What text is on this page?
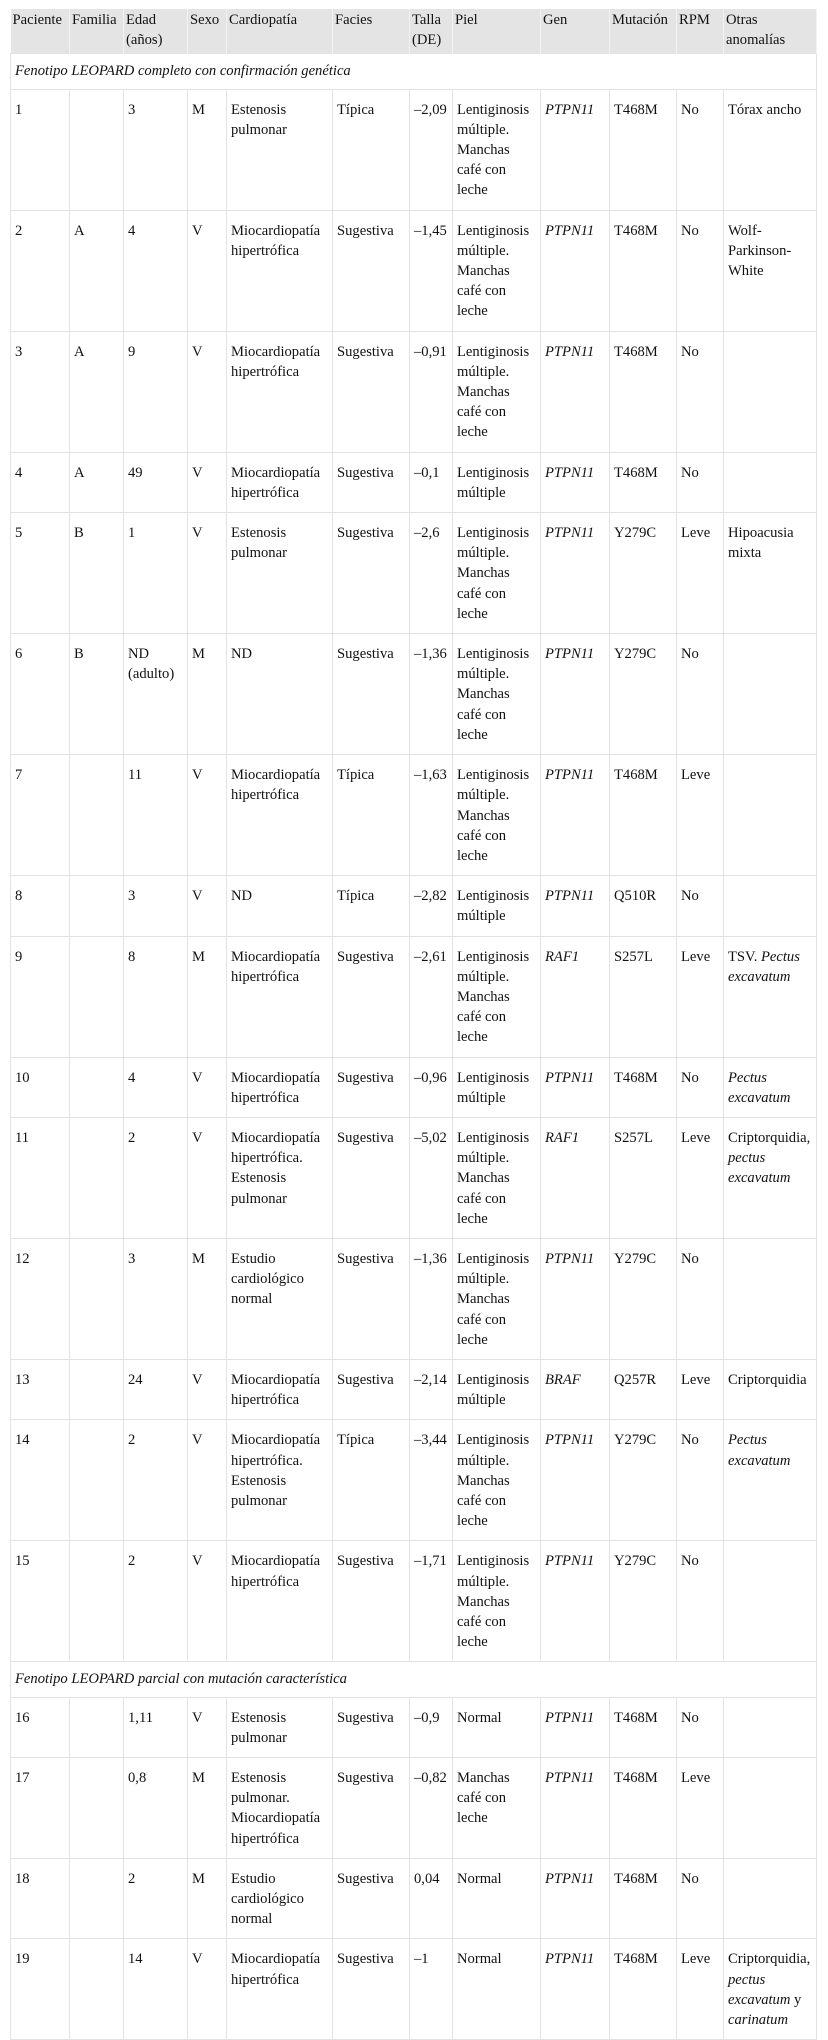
Paciente	Familia	Edad (años)	Sexo	Cardiopatía	Facies	Talla (DE)	Piel	Gen	Mutación	RPM	Otras anomalías
Fenotipo LEOPARD completo con confirmación genética											
1		3	M	Estenosis pulmonar	Típica	–2,09	Lentiginosis múltiple. Manchas café con leche	PTPN11	T468M	No	Tórax ancho
2	A	4	V	Miocardiopatía hipertrófica	Sugestiva	–1,45	Lentiginosis múltiple. Manchas café con leche	PTPN11	T468M	No	Wolf-Parkinson-White
3	A	9	V	Miocardiopatía hipertrófica	Sugestiva	–0,91	Lentiginosis múltiple. Manchas café con leche	PTPN11	T468M	No	
4	A	49	V	Miocardiopatía hipertrófica	Sugestiva	–0,1	Lentiginosis múltiple	PTPN11	T468M	No	
5	B	1	V	Estenosis pulmonar	Sugestiva	–2,6	Lentiginosis múltiple. Manchas café con leche	PTPN11	Y279C	Leve	Hipoacusia mixta
6	B	ND (adulto)	M	ND	Sugestiva	–1,36	Lentiginosis múltiple. Manchas café con leche	PTPN11	Y279C	No	
7		11	V	Miocardiopatía hipertrófica	Típica	–1,63	Lentiginosis múltiple. Manchas café con leche	PTPN11	T468M	Leve	
8		3	V	ND	Típica	–2,82	Lentiginosis múltiple	PTPN11	Q510R	No	
9		8	M	Miocardiopatía hipertrófica	Sugestiva	–2,61	Lentiginosis múltiple. Manchas café con leche	RAF1	S257L	Leve	TSV. Pectus excavatum
10		4	V	Miocardiopatía hipertrófica	Sugestiva	–0,96	Lentiginosis múltiple	PTPN11	T468M	No	Pectus excavatum
11		2	V	Miocardiopatía hipertrófica. Estenosis pulmonar	Sugestiva	–5,02	Lentiginosis múltiple. Manchas café con leche	RAF1	S257L	Leve	Criptorquidia, pectus excavatum
12		3	M	Estudio cardiológico normal	Sugestiva	–1,36	Lentiginosis múltiple. Manchas café con leche	PTPN11	Y279C	No	
13		24	V	Miocardiopatía hipertrófica	Sugestiva	–2,14	Lentiginosis múltiple	BRAF	Q257R	Leve	Criptorquidia
14		2	V	Miocardiopatía hipertrófica. Estenosis pulmonar	Típica	–3,44	Lentiginosis múltiple. Manchas café con leche	PTPN11	Y279C	No	Pectus excavatum
15		2	V	Miocardiopatía hipertrófica	Sugestiva	–1,71	Lentiginosis múltiple. Manchas café con leche	PTPN11	Y279C	No	
Fenotipo LEOPARD parcial con mutación característica											
16		1,11	V	Estenosis pulmonar	Sugestiva	–0,9	Normal	PTPN11	T468M	No	
17		0,8	M	Estenosis pulmonar. Miocardiopatía hipertrófica	Sugestiva	–0,82	Manchas café con leche	PTPN11	T468M	Leve	
18		2	M	Estudio cardiológico normal	Sugestiva	0,04	Normal	PTPN11	T468M	No	
19		14	V	Miocardiopatía hipertrófica	Sugestiva	–1	Normal	PTPN11	T468M	Leve	Criptorquidia, pectus excavatum y carinatum
